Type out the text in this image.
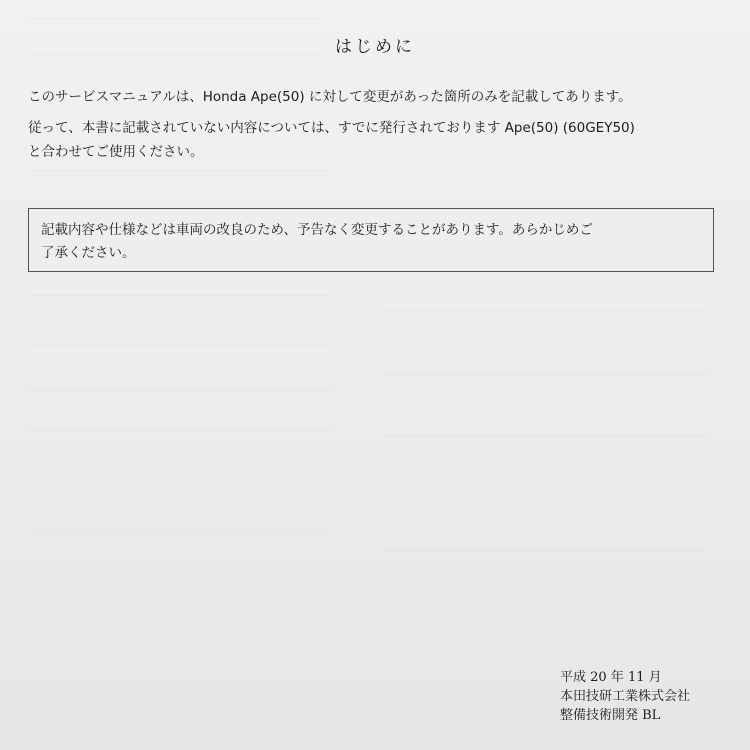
はじめに
このサービスマニュアルは、Honda Ape(50) に対して変更があった箇所のみを記載してあります。
従って、本書に記載されていない内容については、すでに発行されております Ape(50) (60GEY50)
と合わせてご使用ください。
記載内容や仕様などは車両の改良のため、予告なく変更することがあります。あらかじめご
了承ください。
平成 20 年 11 月
本田技研工業株式会社
整備技術開発 BL
